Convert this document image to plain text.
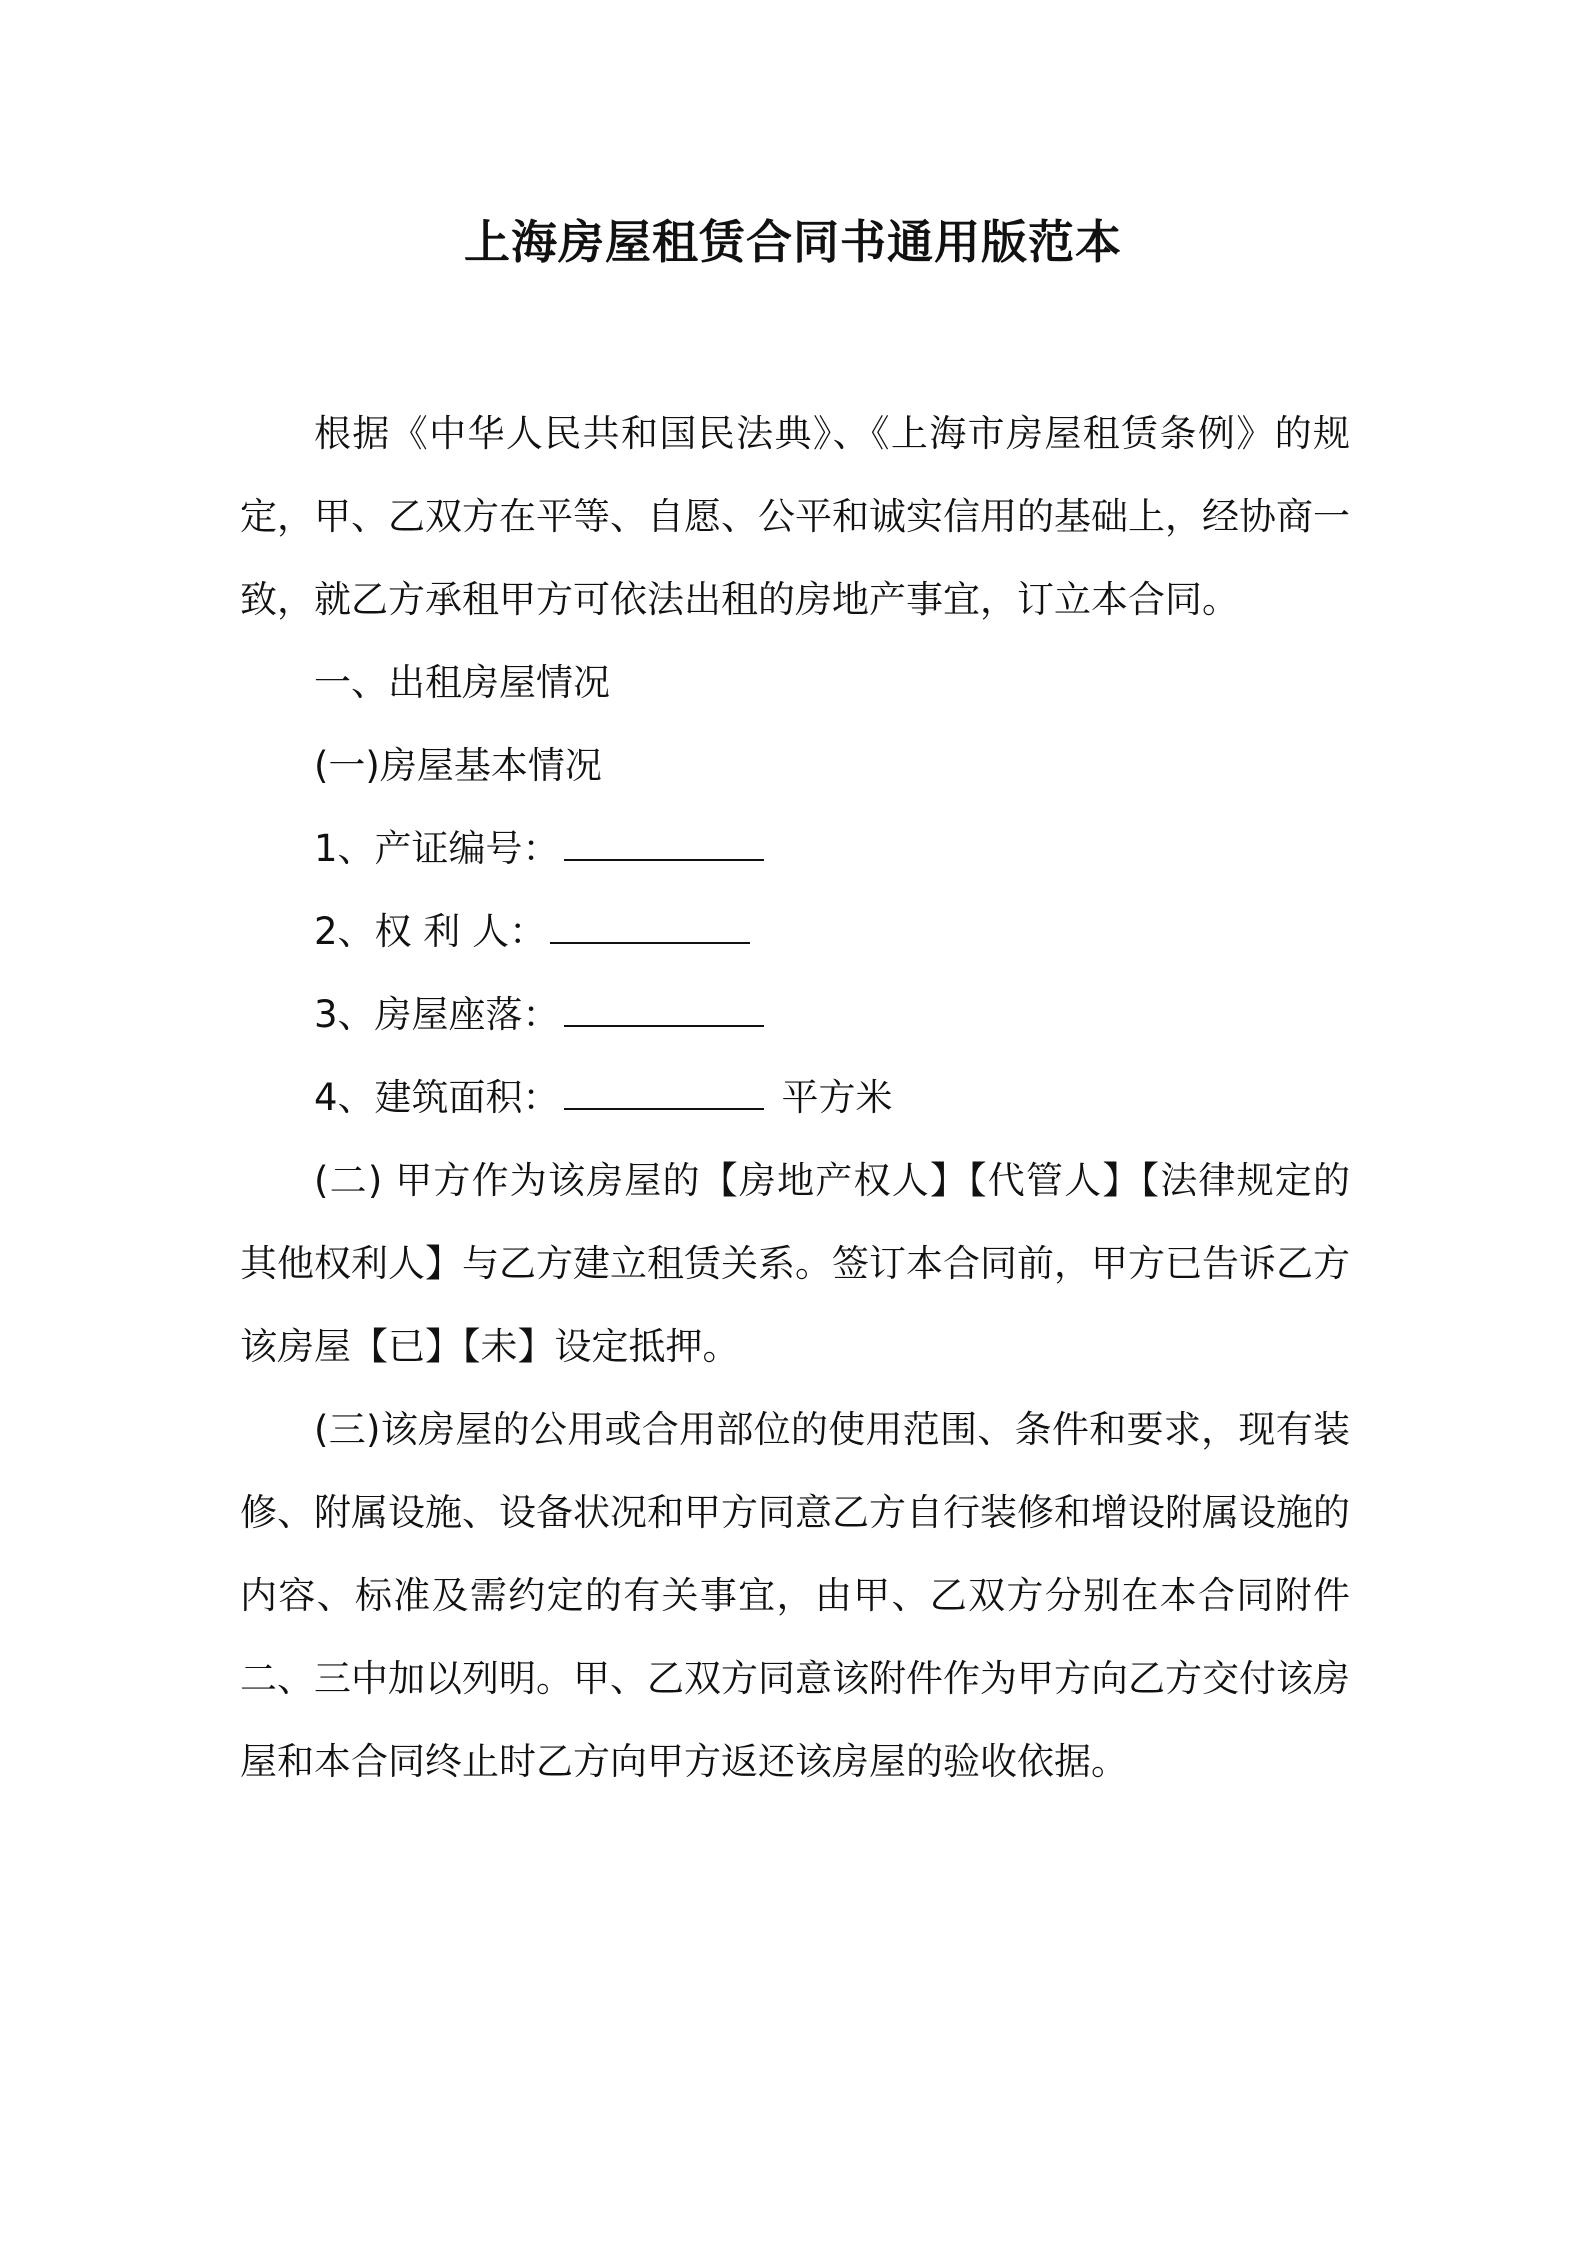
上海房屋租赁合同书通用版范本

根据《中华人民共和国民法典》、《上海市房屋租赁条例》的规定，甲、乙双方在平等、自愿、公平和诚实信用的基础上，经协商一致，就乙方承租甲方可依法出租的房地产事宜，订立本合同。

一、出租房屋情况

(一)房屋基本情况

1、产证编号：

2、权 利 人：

3、房屋座落：

4、建筑面积：	平方米

(二) 甲方作为该房屋的【房地产权人】【代管人】【法律规定的其他权利人】与乙方建立租赁关系。签订本合同前，甲方已告诉乙方该房屋【已】【未】设定抵押。

(三)该房屋的公用或合用部位的使用范围、条件和要求，现有装修、附属设施、设备状况和甲方同意乙方自行装修和增设附属设施的内容、标准及需约定的有关事宜，由甲、乙双方分别在本合同附件二、三中加以列明。甲、乙双方同意该附件作为甲方向乙方交付该房屋和本合同终止时乙方向甲方返还该房屋的验收依据。
